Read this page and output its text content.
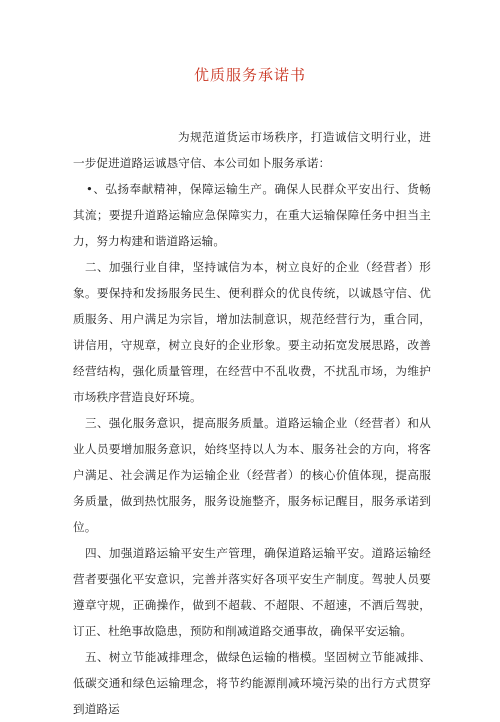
优质服务承诺书

为规范道货运市场秩序，打造诚信文明行业，进一步促进道路运诚恳守信、本公司如卜服务承诺：

•、弘扬奉献精神，保障运输生产。确保人民群众平安出行、货畅其流；要提升道路运输应急保障实力，在重大运输保障任务中担当主力，努力构建和谐道路运输。

二、加强行业自律，坚持诚信为本，树立良好的企业（经营者）形象。要保持和发扬服务民生、便利群众的优良传统，以诚恳守信、优质服务、用户满足为宗旨，增加法制意识，规范经营行为，重合同，讲信用，守规章，树立良好的企业形象。要主动拓宽发展思路，改善经营结构，强化质量管理，在经营中不乱收费，不扰乱市场，为维护市场秩序营造良好环境。

三、强化服务意识，提高服务质量。道路运输企业（经营者）和从业人员要增加服务意识，始终坚持以人为本、服务社会的方向，将客户满足、社会满足作为运输企业（经营者）的核心价值体现，提高服务质量，做到热忱服务，服务设施整齐，服务标记醒目，服务承诺到位。

四、加强道路运输平安生产管理，确保道路运输平安。道路运输经营者要强化平安意识，完善并落实好各项平安生产制度。驾驶人员要遵章守规，正确操作，做到不超载、不超限、不超速，不酒后驾驶，订正、杜绝事故隐患，预防和削减道路交通事故，确保平安运输。

五、树立节能减排理念，做绿色运输的楷模。坚固树立节能减排、低碳交通和绿色运输理念，将节约能源削减环境污染的出行方式贯穿到道路运
